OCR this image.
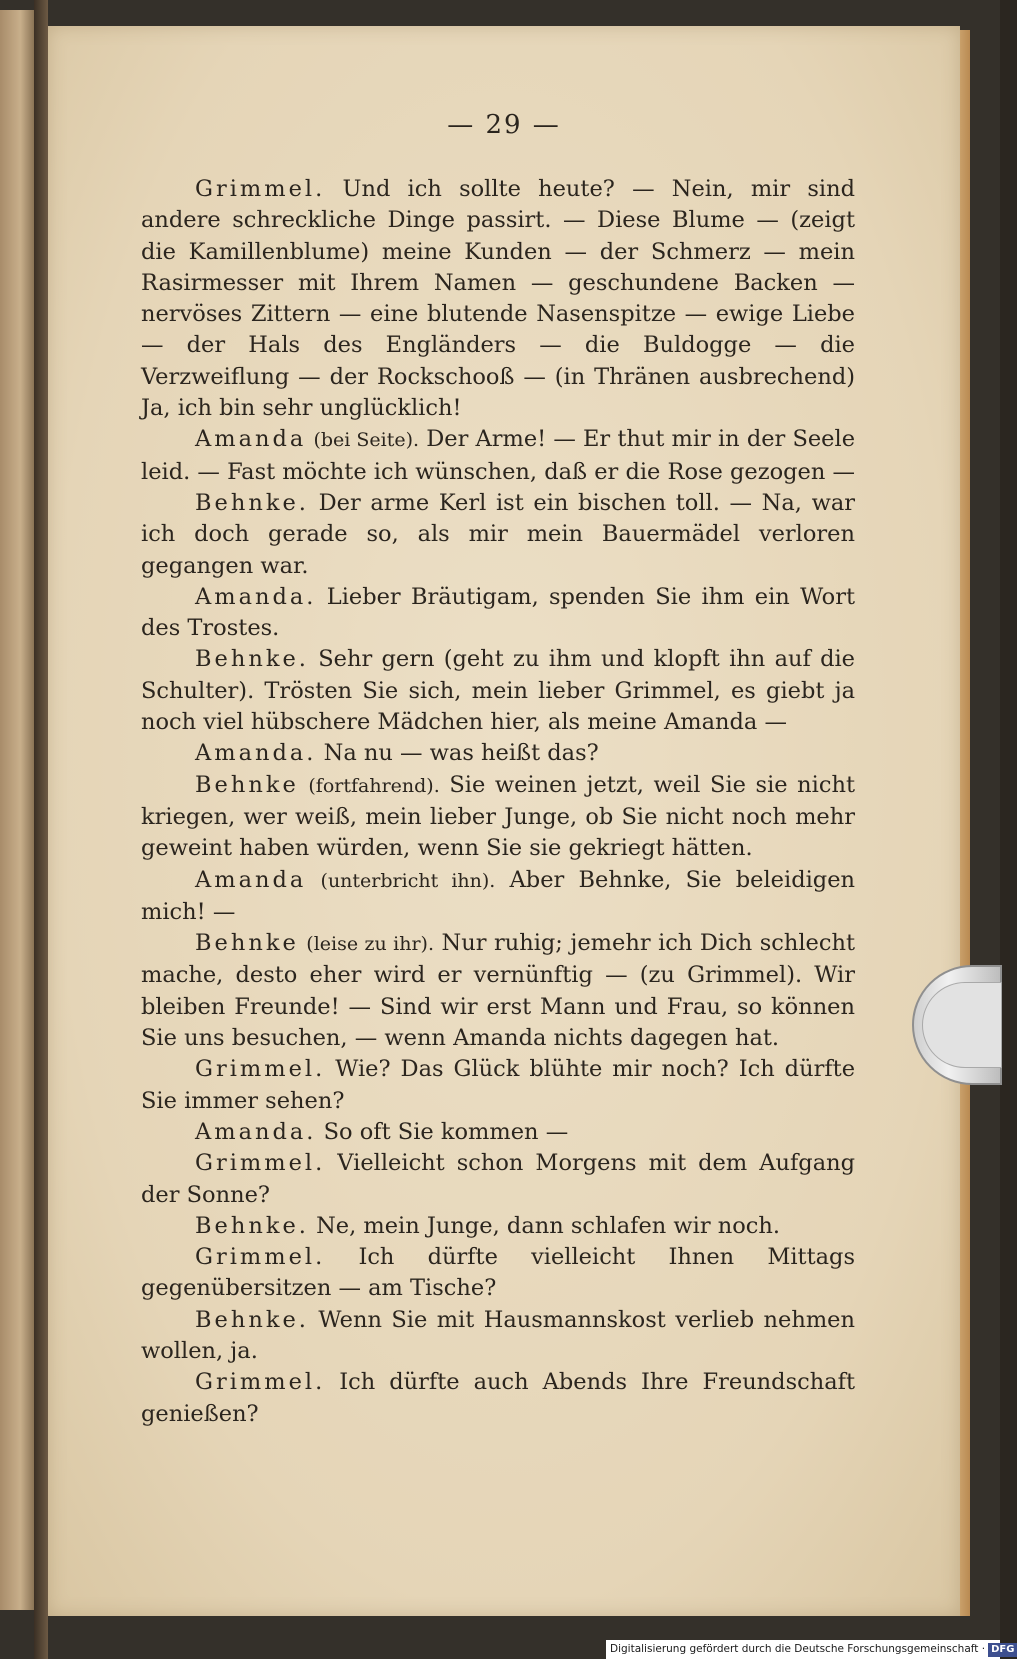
— 29 —

Grimmel. Und ich sollte heute? — Nein, mir sind andere schreckliche Dinge passirt. — Diese Blume — (zeigt die Kamillenblume) meine Kunden — der Schmerz — mein Rasirmesser mit Ihrem Namen — geschundene Backen — nervöses Zittern — eine blutende Nasenspitze — ewige Liebe — der Hals des Engländers — die Buldogge — die Verzweiflung — der Rockschooß — (in Thränen ausbrechend) Ja, ich bin sehr unglücklich!

Amanda (bei Seite). Der Arme! — Er thut mir in der Seele leid. — Fast möchte ich wünschen, daß er die Rose gezogen —

Behnke. Der arme Kerl ist ein bischen toll. — Na, war ich doch gerade so, als mir mein Bauermädel verloren gegangen war.

Amanda. Lieber Bräutigam, spenden Sie ihm ein Wort des Trostes.

Behnke. Sehr gern (geht zu ihm und klopft ihn auf die Schulter). Trösten Sie sich, mein lieber Grimmel, es giebt ja noch viel hübschere Mädchen hier, als meine Amanda —

Amanda. Na nu — was heißt das?

Behnke (fortfahrend). Sie weinen jetzt, weil Sie sie nicht kriegen, wer weiß, mein lieber Junge, ob Sie nicht noch mehr geweint haben würden, wenn Sie sie gekriegt hätten.

Amanda (unterbricht ihn). Aber Behnke, Sie beleidigen mich! —

Behnke (leise zu ihr). Nur ruhig; jemehr ich Dich schlecht mache, desto eher wird er vernünftig — (zu Grimmel). Wir bleiben Freunde! — Sind wir erst Mann und Frau, so können Sie uns besuchen, — wenn Amanda nichts dagegen hat.

Grimmel. Wie? Das Glück blühte mir noch? Ich dürfte Sie immer sehen?

Amanda. So oft Sie kommen —

Grimmel. Vielleicht schon Morgens mit dem Aufgang der Sonne?

Behnke. Ne, mein Junge, dann schlafen wir noch.

Grimmel. Ich dürfte vielleicht Ihnen Mittags gegenübersitzen — am Tische?

Behnke. Wenn Sie mit Hausmannskost verlieb nehmen wollen, ja.

Grimmel. Ich dürfte auch Abends Ihre Freundschaft genießen?

Digitalisierung gefördert durch die Deutsche Forschungsgemeinschaft · DFG
